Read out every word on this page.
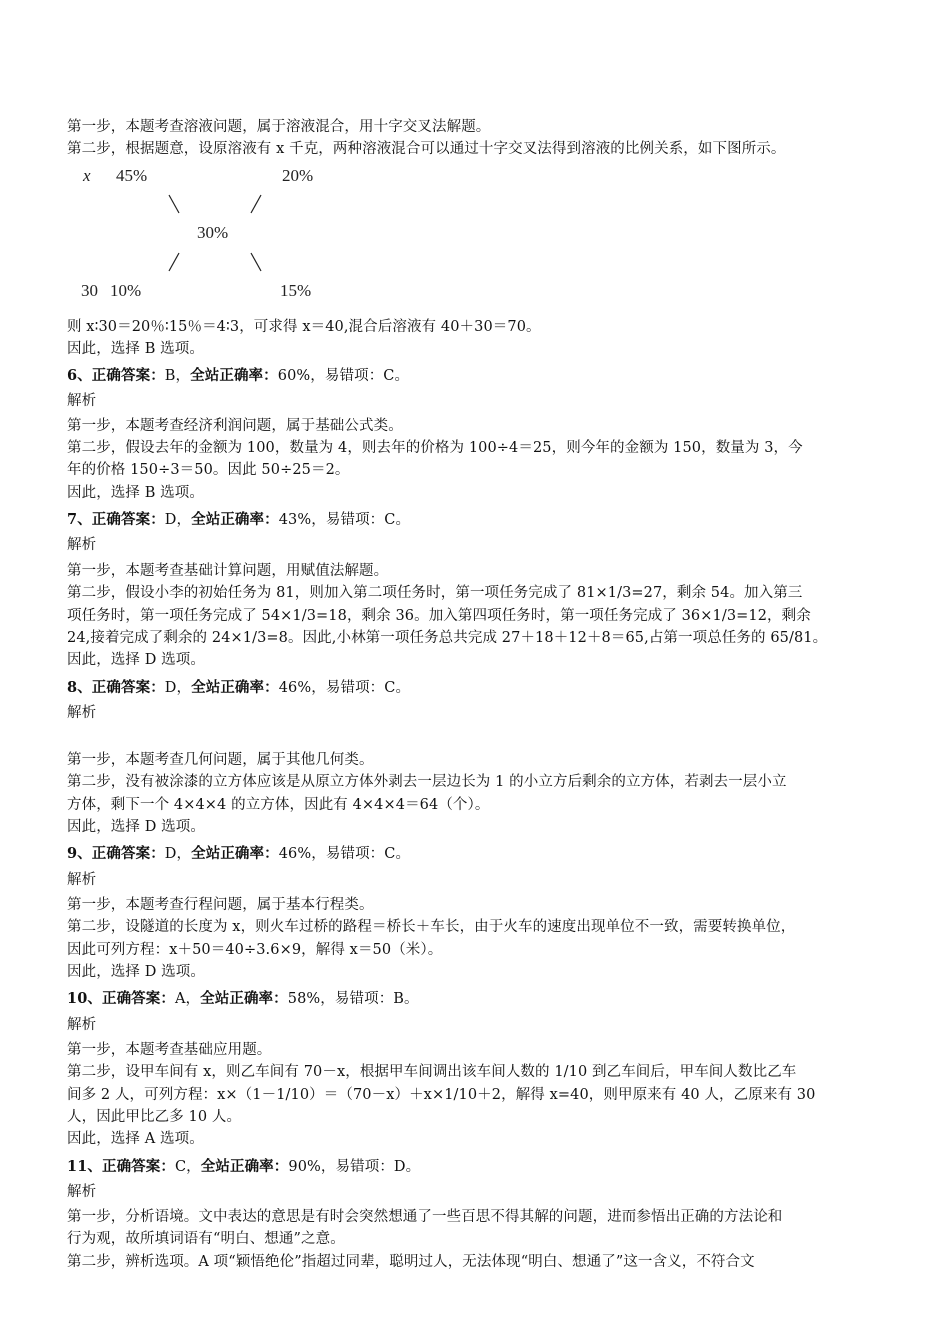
第一步，本题考查溶液问题，属于溶液混合，用十字交叉法解题。
第二步，根据题意，设原溶液有 x 千克，两种溶液混合可以通过十字交叉法得到溶液的比例关系，如下图所示。
x 45%	20%
30%
30 10%	15%
则 x∶30＝20％∶15％＝4∶3，可求得 x＝40,混合后溶液有 40＋30＝70。
因此，选择 B 选项。
6、正确答案：B，全站正确率：60%，易错项：C。
解析
第一步，本题考查经济利润问题，属于基础公式类。
第二步，假设去年的金额为 100，数量为 4，则去年的价格为 100÷4＝25，则今年的金额为 150，数量为 3，今
年的价格 150÷3＝50。因此 50÷25＝2。
因此，选择 B 选项。
7、正确答案：D，全站正确率：43%，易错项：C。
解析
第一步，本题考查基础计算问题，用赋值法解题。
第二步，假设小李的初始任务为 81，则加入第二项任务时，第一项任务完成了 81×1/3=27，剩余 54。加入第三
项任务时，第一项任务完成了 54×1/3=18，剩余 36。加入第四项任务时，第一项任务完成了 36×1/3=12，剩余
24,接着完成了剩余的 24×1/3=8。因此,小林第一项任务总共完成 27＋18＋12＋8＝65,占第一项总任务的 65/81。
因此，选择 D 选项。
8、正确答案：D，全站正确率：46%，易错项：C。
解析
第一步，本题考查几何问题，属于其他几何类。
第二步，没有被涂漆的立方体应该是从原立方体外剥去一层边长为 1 的小立方后剩余的立方体，若剥去一层小立
方体，剩下一个 4×4×4 的立方体，因此有 4×4×4＝64（个）。
因此，选择 D 选项。
9、正确答案：D，全站正确率：46%，易错项：C。
解析
第一步，本题考查行程问题，属于基本行程类。
第二步，设隧道的长度为 x，则火车过桥的路程＝桥长＋车长，由于火车的速度出现单位不一致，需要转换单位，
因此可列方程：x＋50＝40÷3.6×9，解得 x＝50（米）。
因此，选择 D 选项。
10、正确答案：A，全站正确率：58%，易错项：B。
解析
第一步，本题考查基础应用题。
第二步，设甲车间有 x，则乙车间有 70－x，根据甲车间调出该车间人数的 1/10 到乙车间后，甲车间人数比乙车
间多 2 人，可列方程：x×（1－1/10）＝（70－x）＋x×1/10＋2，解得 x=40，则甲原来有 40 人，乙原来有 30
人，因此甲比乙多 10 人。
因此，选择 A 选项。
11、正确答案：C，全站正确率：90%，易错项：D。
解析
第一步，分析语境。文中表达的意思是有时会突然想通了一些百思不得其解的问题，进而参悟出正确的方法论和
行为观，故所填词语有“明白、想通”之意。
第二步，辨析选项。A 项“颖悟绝伦”指超过同辈，聪明过人，无法体现“明白、想通了”这一含义，不符合文
